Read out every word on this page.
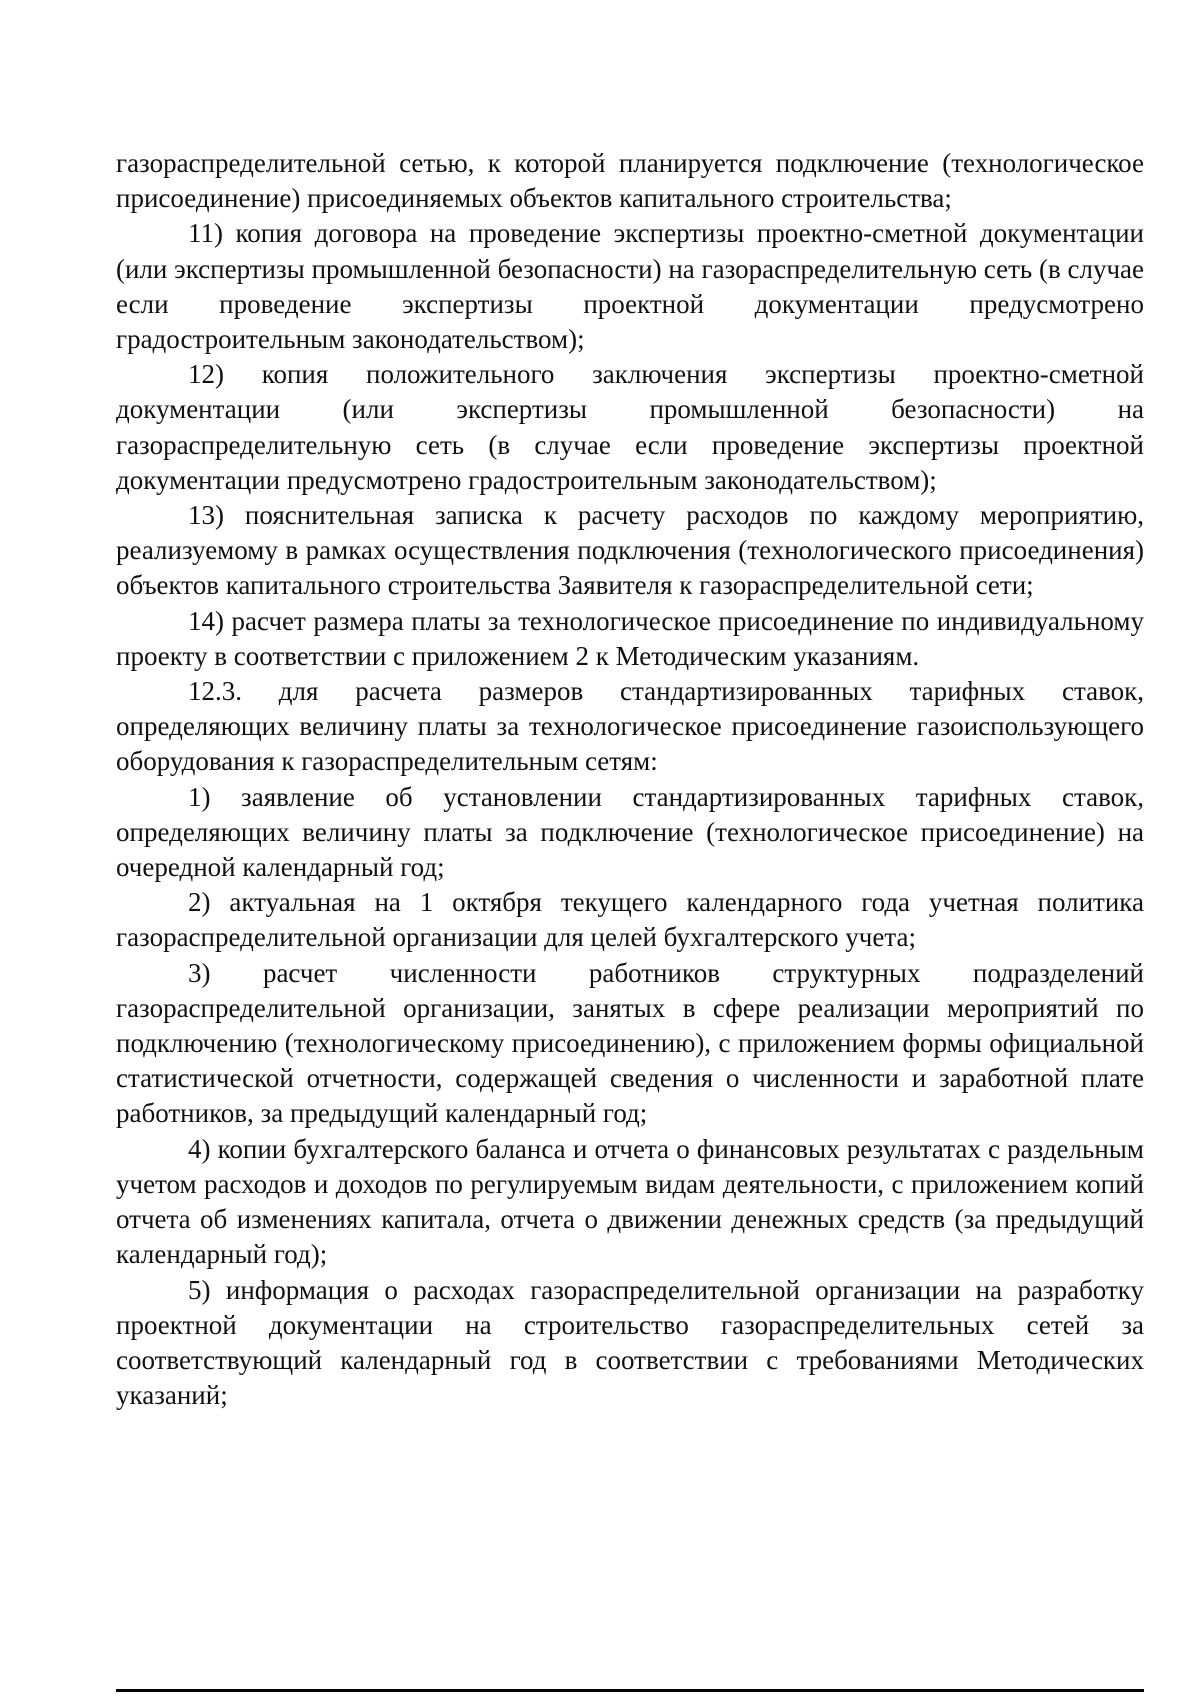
газораспределительной сетью, к которой планируется подключение (технологическое присоединение) присоединяемых объектов капитального строительства;

11) копия договора на проведение экспертизы проектно-сметной документации (или экспертизы промышленной безопасности) на газораспределительную сеть (в случае если проведение экспертизы проектной документации предусмотрено градостроительным законодательством);

12) копия положительного заключения экспертизы проектно-сметной документации (или экспертизы промышленной безопасности) на газораспределительную сеть (в случае если проведение экспертизы проектной документации предусмотрено градостроительным законодательством);

13) пояснительная записка к расчету расходов по каждому мероприятию, реализуемому в рамках осуществления подключения (технологического присоединения) объектов капитального строительства Заявителя к газораспределительной сети;

14) расчет размера платы за технологическое присоединение по индивидуальному проекту в соответствии с приложением 2 к Методическим указаниям.

12.3. для расчета размеров стандартизированных тарифных ставок, определяющих величину платы за технологическое присоединение газоиспользующего оборудования к газораспределительным сетям:

1) заявление об установлении стандартизированных тарифных ставок, определяющих величину платы за подключение (технологическое присоединение) на очередной календарный год;

2) актуальная на 1 октября текущего календарного года учетная политика газораспределительной организации для целей бухгалтерского учета;

3) расчет численности работников структурных подразделений газораспределительной организации, занятых в сфере реализации мероприятий по подключению (технологическому присоединению), с приложением формы официальной статистической отчетности, содержащей сведения о численности и заработной плате работников, за предыдущий календарный год;

4) копии бухгалтерского баланса и отчета о финансовых результатах с раздельным учетом расходов и доходов по регулируемым видам деятельности, с приложением копий отчета об изменениях капитала, отчета о движении денежных средств (за предыдущий календарный год);

5) информация о расходах газораспределительной организации на разработку проектной документации на строительство газораспределительных сетей за соответствующий календарный год в соответствии с требованиями Методических указаний;
